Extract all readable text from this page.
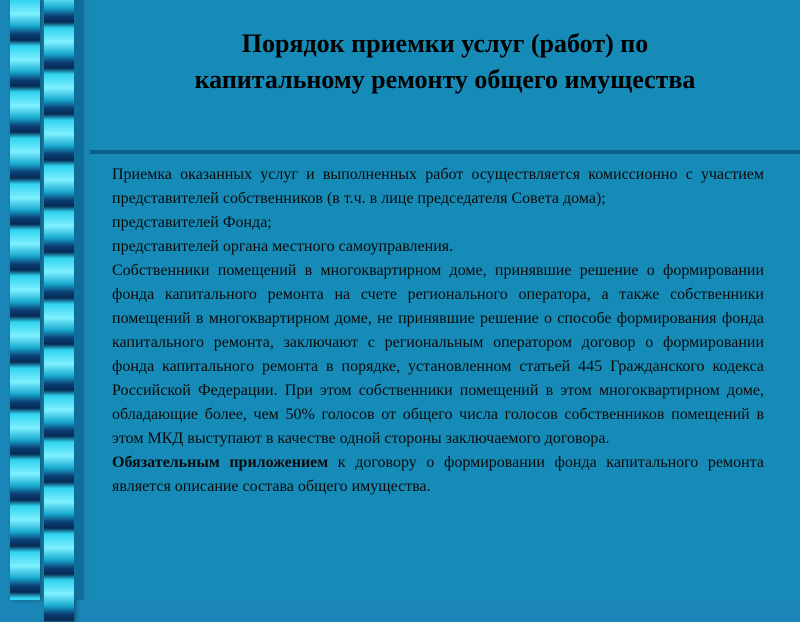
Порядок приемки услуг (работ) по
капитальному ремонту общего имущества

Приемка оказанных услуг и выполненных работ осуществляется комиссионно с участием представителей собственников (в т.ч. в лице председателя Совета дома);

представителей Фонда;

представителей органа местного самоуправления.

Собственники помещений в многоквартирном доме, принявшие решение о формировании фонда капитального ремонта на счете регионального оператора, а также собственники помещений в многоквартирном доме, не принявшие решение о способе формирования фонда капитального ремонта, заключают с региональным оператором договор о формировании фонда капитального ремонта в порядке, установленном статьей 445 Гражданского кодекса Российской Федерации. При этом собственники помещений в этом многоквартирном доме, обладающие более, чем 50% голосов от общего числа голосов собственников помещений в этом МКД выступают в качестве одной стороны заключаемого договора.

Обязательным приложением к договору о формировании фонда капитального ремонта является описание состава общего имущества.
